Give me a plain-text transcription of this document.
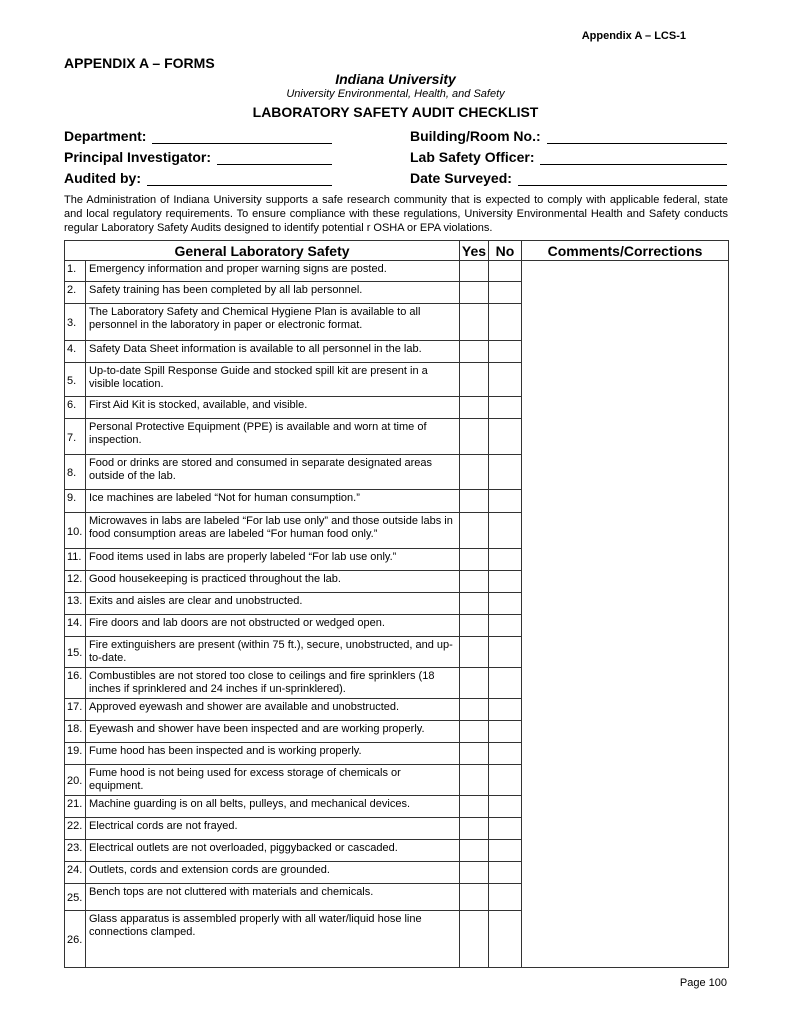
Appendix A – LCS-1
APPENDIX A – FORMS
Indiana University
University Environmental, Health, and Safety
LABORATORY SAFETY AUDIT CHECKLIST
Department:	Building/Room No.:
Principal Investigator:	Lab Safety Officer:
Audited by:	Date Surveyed:
The Administration of Indiana University supports a safe research community that is expected to comply with applicable federal, state and local regulatory requirements. To ensure compliance with these regulations, University Environmental Health and Safety conducts regular Laboratory Safety Audits designed to identify potential r OSHA or EPA violations.
General Laboratory Safety		Yes	No	Comments/Corrections
1.	Emergency information and proper warning signs are posted.			
2.	Safety training has been completed by all lab personnel.			
3.	The Laboratory Safety and Chemical Hygiene Plan is available to all personnel in the laboratory in paper or electronic format.			
4.	Safety Data Sheet information is available to all personnel in the lab.			
5.	Up-to-date Spill Response Guide and stocked spill kit are present in a visible location.			
6.	First Aid Kit is stocked, available, and visible.			
7.	Personal Protective Equipment (PPE) is available and worn at time of inspection.			
8.	Food or drinks are stored and consumed in separate designated areas outside of the lab.			
9.	Ice machines are labeled “Not for human consumption.”			
10.	Microwaves in labs are labeled “For lab use only” and those outside labs in food consumption areas are labeled “For human food only.”			
11.	Food items used in labs are properly labeled “For lab use only.”			
12.	Good housekeeping is practiced throughout the lab.			
13.	Exits and aisles are clear and unobstructed.			
14.	Fire doors and lab doors are not obstructed or wedged open.			
15.	Fire extinguishers are present (within 75 ft.), secure, unobstructed, and up-to-date.			
16.	Combustibles are not stored too close to ceilings and fire sprinklers (18 inches if sprinklered and 24 inches if un-sprinklered).			
17.	Approved eyewash and shower are available and unobstructed.			
18.	Eyewash and shower have been inspected and are working properly.			
19.	Fume hood has been inspected and is working properly.			
20.	Fume hood is not being used for excess storage of chemicals or equipment.			
21.	Machine guarding is on all belts, pulleys, and mechanical devices.			
22.	Electrical cords are not frayed.			
23.	Electrical outlets are not overloaded, piggybacked or cascaded.			
24.	Outlets, cords and extension cords are grounded.			
25.	Bench tops are not cluttered with materials and chemicals.			
26.	Glass apparatus is assembled properly with all water/liquid hose line connections clamped.			
Page 100
